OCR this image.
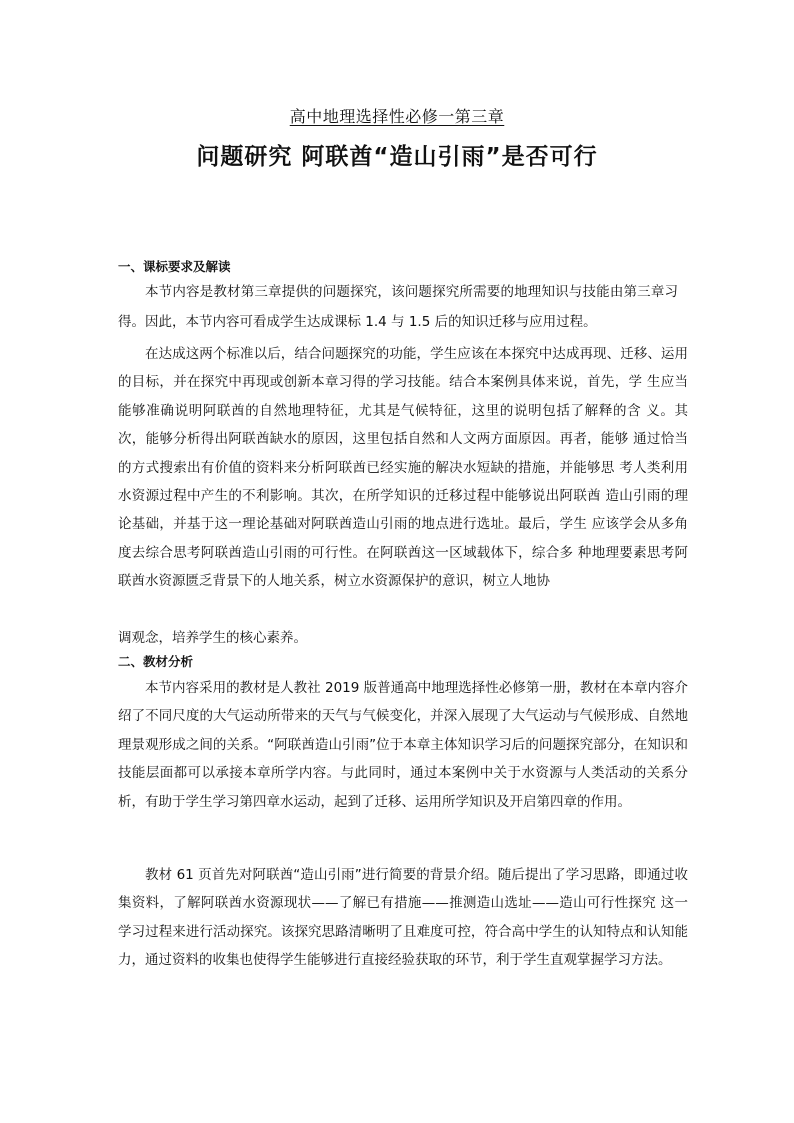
高中地理选择性必修一第三章
问题研究 阿联酋“造山引雨”是否可行
一、课标要求及解读

本节内容是教材第三章提供的问题探究，该问题探究所需要的地理知识与技能由第三章习得。因此，本节内容可看成学生达成课标 1.4 与 1.5 后的知识迁移与应用过程。

在达成这两个标准以后，结合问题探究的功能，学生应该在本探究中达成再现、迁移、运用的目标，并在探究中再现或创新本章习得的学习技能。结合本案例具体来说，首先，学 生应当能够准确说明阿联酋的自然地理特征，尤其是气候特征，这里的说明包括了解释的含 义。其次，能够分析得出阿联酋缺水的原因，这里包括自然和人文两方面原因。再者，能够 通过恰当的方式搜索出有价值的资料来分析阿联酋已经实施的解决水短缺的措施，并能够思 考人类利用水资源过程中产生的不利影响。其次，在所学知识的迁移过程中能够说出阿联酋 造山引雨的理论基础，并基于这一理论基础对阿联酋造山引雨的地点进行选址。最后，学生 应该学会从多角度去综合思考阿联酋造山引雨的可行性。在阿联酋这一区域载体下，综合多 种地理要素思考阿联酋水资源匮乏背景下的人地关系，树立水资源保护的意识，树立人地协

调观念，培养学生的核心素养。

二、教材分析

本节内容采用的教材是人教社 2019 版普通高中地理选择性必修第一册，教材在本章内容介绍了不同尺度的大气运动所带来的天气与气候变化，并深入展现了大气运动与气候形成、自然地理景观形成之间的关系。“阿联酋造山引雨”位于本章主体知识学习后的问题探究部分，在知识和技能层面都可以承接本章所学内容。与此同时，通过本案例中关于水资源与人类活动的关系分析，有助于学生学习第四章水运动，起到了迁移、运用所学知识及开启第四章的作用。

教材 61 页首先对阿联酋“造山引雨”进行简要的背景介绍。随后提出了学习思路，即通过收集资料，了解阿联酋水资源现状——了解已有措施——推测造山选址——造山可行性探究 这一学习过程来进行活动探究。该探究思路清晰明了且难度可控，符合高中学生的认知特点和认知能力，通过资料的收集也使得学生能够进行直接经验获取的环节，利于学生直观掌握学习方法。
